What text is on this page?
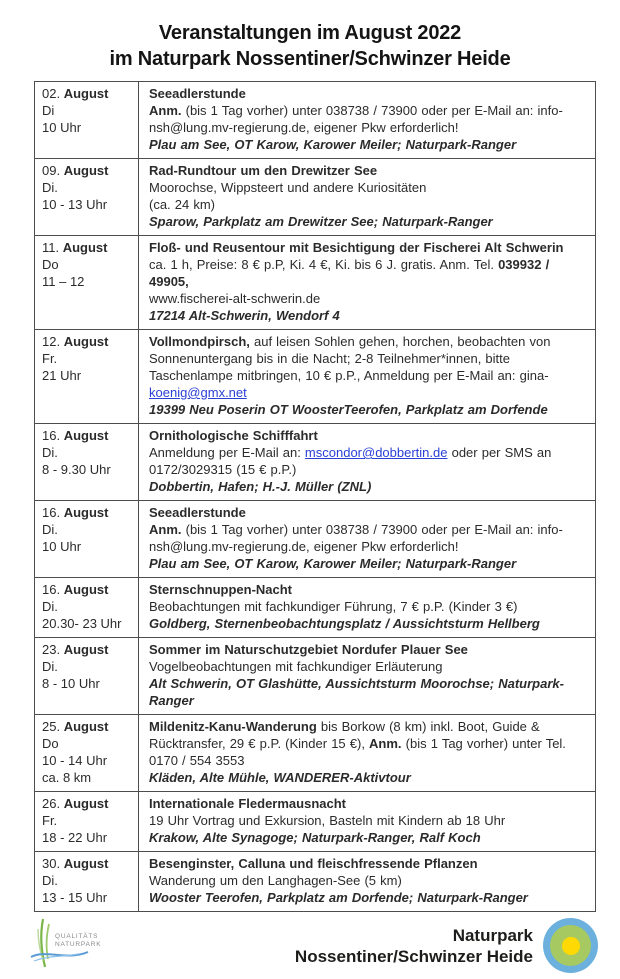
Veranstaltungen im August 2022
im Naturpark Nossentiner/Schwinzer Heide
02. August
Di
10 Uhr

Seeadlerstunde
Anm. (bis 1 Tag vorher) unter 038738 / 73900 oder per E-Mail an: info-nsh@lung.mv-regierung.de, eigener Pkw erforderlich!
Plau am See, OT Karow, Karower Meiler; Naturpark-Ranger

09. August
Di.
10 - 13 Uhr

Rad-Rundtour um den Drewitzer See
Moorochse, Wippsteert und andere Kuriositäten
(ca. 24 km)
Sparow, Parkplatz am Drewitzer See; Naturpark-Ranger

11. August
Do
11 – 12

Floß- und Reusentour mit Besichtigung der Fischerei Alt Schwerin
ca. 1 h, Preise: 8 € p.P, Ki. 4 €, Ki. bis 6 J. gratis. Anm. Tel. 039932 / 49905,
www.fischerei-alt-schwerin.de
17214 Alt-Schwerin, Wendorf 4

12. August
Fr.
21 Uhr

Vollmondpirsch, auf leisen Sohlen gehen, horchen, beobachten von Sonnenuntergang bis in die Nacht; 2-8 Teilnehmer*innen, bitte Taschenlampe mitbringen, 10 € p.P., Anmeldung per E-Mail an: gina-koenig@gmx.net
19399 Neu Poserin OT WoosterTeerofen, Parkplatz am Dorfende

16. August
Di.
8 - 9.30 Uhr

Ornithologische Schifffahrt
Anmeldung per E-Mail an: mscondor@dobbertin.de oder per SMS an 0172/3029315 (15 € p.P.)
Dobbertin, Hafen; H.-J. Müller (ZNL)

16. August
Di.
10 Uhr

Seeadlerstunde
Anm. (bis 1 Tag vorher) unter 038738 / 73900 oder per E-Mail an: info-nsh@lung.mv-regierung.de, eigener Pkw erforderlich!
Plau am See, OT Karow, Karower Meiler; Naturpark-Ranger

16. August
Di.
20.30- 23 Uhr

Sternschnuppen-Nacht
Beobachtungen mit fachkundiger Führung, 7 € p.P. (Kinder 3 €)
Goldberg, Sternenbeobachtungsplatz / Aussichtsturm Hellberg

23. August
Di.
8 - 10 Uhr

Sommer im Naturschutzgebiet Nordufer Plauer See
Vogelbeobachtungen mit fachkundiger Erläuterung
Alt Schwerin, OT Glashütte, Aussichtsturm Moorochse; Naturpark-Ranger

25. August
Do
10 - 14 Uhr
ca. 8 km

Mildenitz-Kanu-Wanderung bis Borkow (8 km) inkl. Boot, Guide & Rücktransfer, 29 € p.P. (Kinder 15 €), Anm. (bis 1 Tag vorher) unter Tel. 0170 / 554 3553
Kläden, Alte Mühle, WANDERER-Aktivtour

26. August
Fr.
18 - 22 Uhr

Internationale Fledermausnacht
19 Uhr Vortrag und Exkursion, Basteln mit Kindern ab 18 Uhr
Krakow, Alte Synagoge; Naturpark-Ranger, Ralf Koch

30. August
Di.
13 - 15 Uhr

Besenginster, Calluna und fleischfressende Pflanzen
Wanderung um den Langhagen-See (5 km)
Wooster Teerofen, Parkplatz am Dorfende; Naturpark-Ranger
QUALITÄTS
NATURPARK	Naturpark
Nossentiner/Schwinzer Heide
